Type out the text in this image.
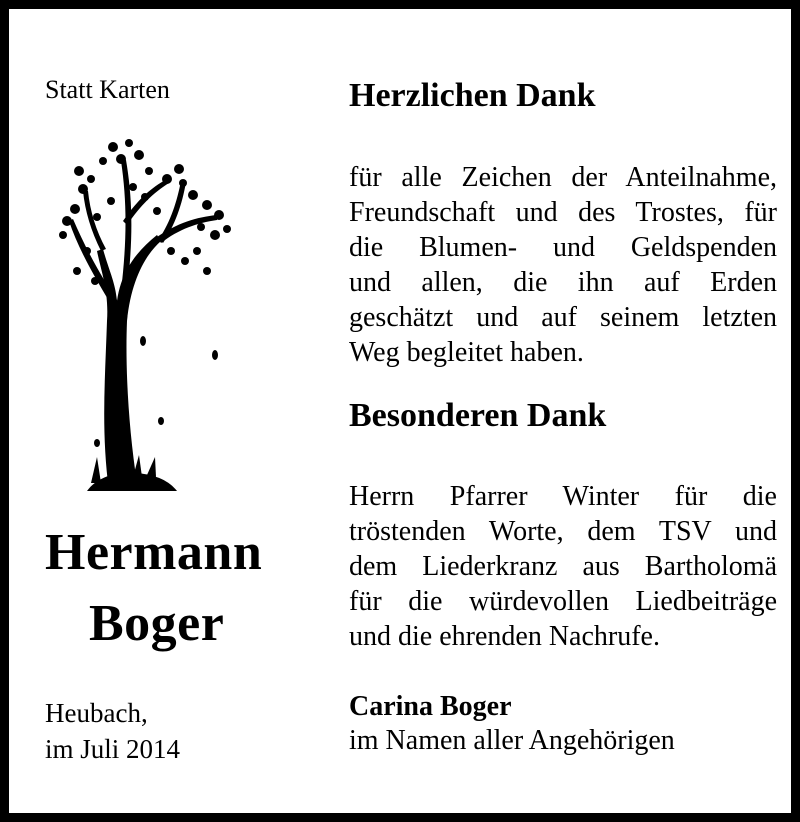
Statt Karten

Hermann

Boger

Heubach,
im Juli 2014

Herzlichen Dank

für alle Zeichen der Anteilnahme,
Freundschaft und des Trostes, für
die Blumen- und Geldspenden
und allen, die ihn auf Erden
geschätzt und auf seinem letzten
Weg begleitet haben.

Besonderen Dank

Herrn Pfarrer Winter für die
tröstenden Worte, dem TSV und
dem Liederkranz aus Bartholomä
für die würdevollen Liedbeiträge
und die ehrenden Nachrufe.

Carina Boger

im Namen aller Angehörigen
